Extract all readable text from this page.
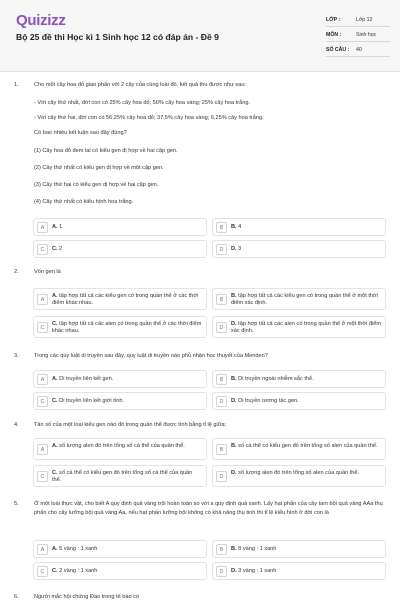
Quizizz
Bộ 25 đề thi Học kì 1 Sinh học 12 có đáp án - Đề 9
LỚP :	Lớp 12
MÔN :	Sinh học
SỐ CÂU : 40
1.	Cho một cây hoa đỏ giao phấn với 2 cây của cùng loài đó, kết quả thu được như sau:
- Với cây thứ nhất, đời con có 25% cây hoa đỏ; 50% cây hoa vàng; 25% cây hoa trắng.
- Với cây thứ hai, đời con có 56,25% cây hoa đỏ; 37,5% cây hoa vàng; 6,25% cây hoa trắng.
Có bao nhiêu kết luận sau đây đúng?
(1) Cây hoa đỏ đem lai có kiểu gen dị hợp về hai cặp gen.
(2) Cây thứ nhất có kiểu gen dị hợp về một cặp gen.
(3) Cây thứ hai có kiểu gen dị hợp về hai cặp gen.
(4) Cây thứ nhất có kiểu hình hoa trắng.
A	A. 1	B	B. 4
C	C. 2	D	D. 3
2.	Vốn gen là
A
A. tập hợp tất cả các kiểu gen có trong quần thể ở các thời điểm khác nhau.	B
B. tập hợp tất cả các kiểu gen có trong quần thể ở một thời điểm xác định.
C
C. tập hợp tất cả các alen có trong quần thể ở các thời điểm khác nhau.	D
D. tập hợp tất cả các alen có trong quần thể ở một thời điểm xác định.
3.	Trong các quy luật di truyền sau đây, quy luật di truyền nào phủ nhận học thuyết của Menden?
A	A. Di truyền liên kết gen.	B	B. Di truyền ngoài nhiễm sắc thể.
C	C. Di truyền liên kết giới tính.	D	D. Di truyền tương tác gen.
4.	Tần số của một loại kiểu gen nào đó trong quần thể được tính bằng tỉ lệ giữa:
A
A. số lượng alen đó trên tổng số cá thể của quần thể.
B
B. số cá thể có kiểu gen đó trên tổng số alen của quần thể.
C
C. số cá thể có kiểu gen đó trên tổng số cá thể của quần thể.	D
D. số lượng alen đó trên tổng số alen của quần thể.
5.	Ở một loài thực vật, cho biết A quy định quả vàng trội hoàn toàn so với a quy định quả xanh. Lấy hạt phấn của cây tam bội quả vàng AAa thụ phấn cho cây lưỡng bội quả vàng Aa, nếu hạt phấn lưỡng bội không có khả năng thụ tinh thì tỉ lệ kiểu hình ở đời con là
A	A. 5 vàng : 1 xanh	B	B. 8 vàng : 1 xanh
C	C. 2 vàng : 1 xanh	D	D. 3 vàng : 1 xanh
6.	Người mắc hội chứng Đao trong tế bào có
